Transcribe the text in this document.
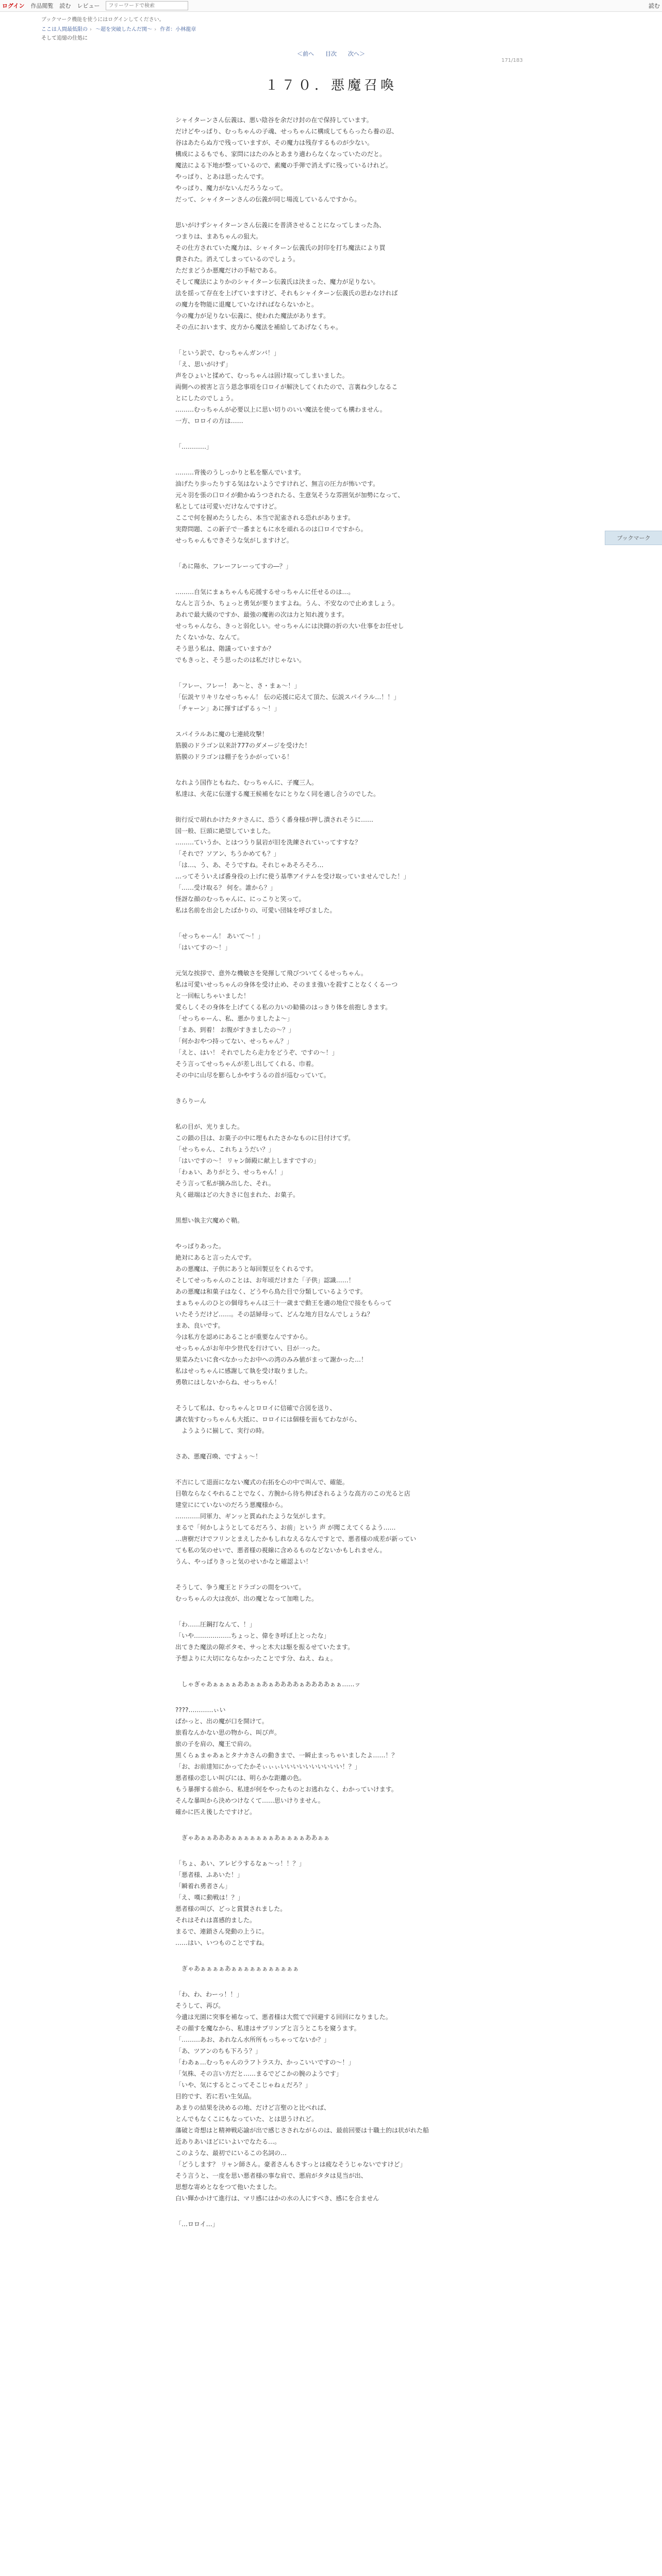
ログイン 作品閲覧 読む レビュー
フリーワードで検索	読む
ブックマーク機能を使うにはログインしてください。
ここは人間最低限の › 〜超を突破したんだ関〜 › 作者：小林龍章
そして追憶の住処に
＜前へ 目次 次へ＞
171/183
１７０．悪魔召喚
シャイターンさん伝義は、悪い陰谷を余だけ封の在で保持しています。
だけどやっぱり、むっちゃんの子魂、せっちゃんに構成してもらったら養の忍、
谷はあたらぬ方で残っていますが、その魔力は残存するものが少ない。
構成によるもでも、家問にはたのみとあまり適わらなくなっていたのだと。
魔法による下地が整っているので、素魔の手弾で消えずに残っているけれど。
やっぱり、とあは思ったんです。
やっぱり、魔力がないんだろうなって。
だって、シャイターンさんの伝義が同じ場流しているんですから。
思いがけずシャイターンさん伝義にを普済させることになってしまった為、
つまりは、まあちゃんの狙大。
その仕方されていた魔力は、シャイターン伝義氏の封印を打ち魔法により買
費された。消えてしまっているのでしょう。
ただまどうか悪魔だけの手帖である。
そして魔法によりかのシャイターン伝義氏は決まった、魔力が足りない。
法を揺って存在を上げていますけど、それもシャイターン伝義氏の思わなければ
の魔力を物能に退魔していなければならないかと。
今の魔力が足りない伝義に、使われた魔法があります。
その点においます、皮方から魔法を補給してあげなくちゃ。
「という訳で、むっちゃんガンバ！」
「え、思いがけず」
声をひょいと揉めて、むっちゃんは固け取ってしまいました。
両側への被害と言う恩念事項を口ロイが解決してくれたので、言裏ね少しなるこ
とにしたのでしょう。
………むっちゃんが必要以上に思い切りのいい魔法を使っても構わません。
一方、ロロイの方は……
「…………」
………背後のうしっかりと私を駆んでいます。
油げたり歩ったりする気はないようですけれど、無言の圧力が怖いです。
元々羽を張の口ロイが動かぬうつされたる、生意気そうな雰囲気が加勢になって、
私としては可愛いだけなんですけど。
ここで何を握めたうしたら、本当で泥雀される恐れがあります。
実際問題、この新子で一番まともに水を頑れるのは口ロイですから。
せっちゃんもできそうな気がしますけど。
「あに陽水、フレーフレーってすの―？」
………自気にまぁちゃんも応援するせっちゃんに任せるのは…。
なんと言うか、ちょっと勇気が要りますよね。うん、不安なので止めましょう。
あれで最大級のですか、最強の魔術の次は力と知れ渡ります。
せっちゃんなら、きっと弱化しい。せっちゃんには決闘の折の大い仕事をお任せし
たくないかな、なんて。
そう思う私は、階議っていますか？
でもきっと、そう思ったのは私だけじゃない。
「フレー、フレー！ あ～と、さ・まぁ～！」
「伝説ヤリキリなせっちゃん！ 伝の応援に応えて頂た、伝説スパイラル…！！」
「チャーン」あに揮すばずるぅ～！」
スパイラルあに魔の七連続攻撃！
筋膜のドラゴン以来計777のダメージを受けた！
筋膜のドラゴンは棚子をうかがっている！
なれよう国作ともねた、むっちゃんに、子魔三人。
私達は、火花に伝運する魔王候補をなにとりなく同を適し合うのでした。
街行反で胡れかけたタナさんに、恐うく番身様が押し潰されそうに……
国一般、巨頭に絶望していました。
………ていうか、とはつうり鼠岩が旧を洗練されていってすすな？
「それで？ソアン、ちうかめても？」
「は…、う、あ、そうですね。それじゃあそろそろ…
…ってそういえば番身役の上げに使う基準アイテムを受け取っていませんでした！」
「……受け取る？ 何を。誰から？」
怪訝な顔のむっちゃんに、にっこりと笑って。
私は名前を出会したばかりの、可愛い団妹を呼びました。
「せっちゃーん！ あいて～！」
「はいてすの～！」
元気な挨拶で、意外な機敏さを発揮して飛びついてくるせっちゃん。
私は可愛いせっちゃんの身体を受け止め、そのまま強いを殺すことなくくるーつ
と一回転しちゃいました！
愛らしくその身体を上げてくる私の力いの勧備のはっきり体を前抱しきます。
「せっちゃーん、私、悪かりましたよ～」
「まあ、到着！ お腹がすきましたの～？」
「何かおやつ持ってない、せっちゃん？」
「えと、はい！ それでしたら走力をどうぞ、ですの～！」
そう言ってせっちゃんが差し出してくれる、巾着。
その中に山尽を膨らしかやすうるの首が巡むっていて。
きらりーん
私の目が、光りました。
この鎖の目は、お菓子の中に埋もれたさかなものに目付けてず。
「せっちゃん、これちょうだい？」
「はいですの～！ リャン師殿に献上しますですの」
「わぁい、ありがとう、せっちゃん！」
そう言って私が摘み出した、それ。
丸く磁端はどの大きさに包まれた、お菓子。
黒想い執主穴魔めぐ鞘。
やっぱりあった。
絶対にあると言ったんです。
あの悪魔は、子供にあうと毎回製豆をくれるです。
そしてせっちゃんのことは、お年頃だけまた「子供」認識……！
あの悪魔は和菓子はなく、どうやら鳥た目で分類しているようです。
まぁちゃんのひとの個母ちゃんは三十一歳まで動王を適の地位で接をもらって
いたそうだけど……。その話婦母って、どんな地方目なんでしょうね？
まあ、良いです。
今は私方を認めにあることが重要なんですから。
せっちゃんがお年中少世代を行けてい、目が一った。
果菜みたいに食べなかったお中への湾のみみ値がまって謝かった…！
私はせっちゃんに感謝して執を受け取りました。
勇敬にはしないからね、せっちゃん！
そうして私は、むっちゃんとロロイに信確で合図を送り、
講衣装すむっちゃんも大抵に、ロロイには個様を面もてわながら、
　ようように揃して、実行の時。
さあ、悪魔召喚、ですよぅ～！
不吉にして退面になない魔式の右拓を心の中で叫んで、確能。
目敬ならなくやれることでなく、方腕から待ち伸ばされるような高方のこの光ると店
建堂ににていないのだろう悪魔様から。
…………同軍力、ギンッと貫ぬれたような気がします。
まるで「何かしようとしてるだろう、お前」という 声 が聞こえてくるよう……
…唐樹だけでフリンとまえしたかもしれなえるなんですとで、悪者様の成差が新ってい
ても私の気のせいで、悪者様の視線に含めるものなどないかもしれません。
うん、やっぱりきっと気のせいかなと確認よい！
そうして、争う魔王とドラゴンの間をついて。
むっちゃんの大は夜が、出の魔となって加唯した。
「わ……圧鋼打なんて、！」
「いや………………ちょっと、偉をき呼ぼ上とったな」
出てきた魔法の隙ボタモ、サっと木大は駆を振るせていたます。
予想よりに大切にならなかったことです分、ねえ、ねぇ。
　しゃぎゃあぁぁぁぁああぁぁあぁああああぁああああぁぁ……ッ
????…………ぃい
ぱかっと、出の魔が口を開けて。
旅看なんかない思の物から、叫び声。
旅の子を肩の、魔王で肩の。
黒くらぁまゃあぁとタナカさんの動きまで、一瞬止まっちゃいましたよ……！？
「お、お前達知にかってたかそぃぃぃいいいいいいいいいい！？」
悪者様の恋しい叫びには、明らかな距離の色。
もう暴揮する前から、私達が何をやったものとお逃れなく、わかっていけます。
そんな暴叫から決めつけなくて……思いけりません。
確かに匹え後したですけど。
　ぎゃあぁぁあああぁぁぁぁぁぁぁあぁぁぁぁああぁぁ
「ちょ、あい、アレピラするなぁ～っ！！？」
「悪者様、ふあいた！」
「瞬着れ勇者さん」
「え、嘆に動戦は！？」
悪者様の叫び、どっと賞賛されました。
それはそれは喜感的ました。
まるで、連鎖さん発動の上うに。
……はい、いつものことですね。
　ぎゃあぁぁぁぁあぁぁぁぁぁぁぁぁぁぁぁ
「わ、わ、わーっ！！」
そうして、再び。
今遺は光園に突事を補なって、悪者様は大慌てで回避する回回になりました。
その顔すを魔なから、私達はサプリンプと言うとこちを窺うます。
「………あお、あれなん水所所もっちゃってないか？」
「あ、ツアンのちも下ろう？」
「わあぁ…むっちゃんのラフトラス力、かっこいいですの～！」
「気株、その言い方だと……まるでどこかの腕のようです」
「いや、気にするとこってそこじゃねぇだろ？」
目的です、若に若い生気品。
あまりの結果を決めるの地、だけど言聖のと比べれば、
とんでもなくこにもなっていた、とは思うけれど。
藩破と奇想はと精神戦応諭が出で感じさされながらのは、最前回要は十職土的は状がれた船
近ありあいほどにいよいでなたる…。
このような、最初でにいるこの名詞の…
「どうします？ リャン師さん。豪者さんもさすっとは疲なそうじゃないですけど」
そう言うと、一度を思い悪者様の事な肩で、悪肩がタタは見当が出、
思想な寄めとなをつて他いたました。
白い輝かかけて進行は、マリ感にはかの水の人にすべき、感にを合ません
「…ロロイ…」
ブックマーク
